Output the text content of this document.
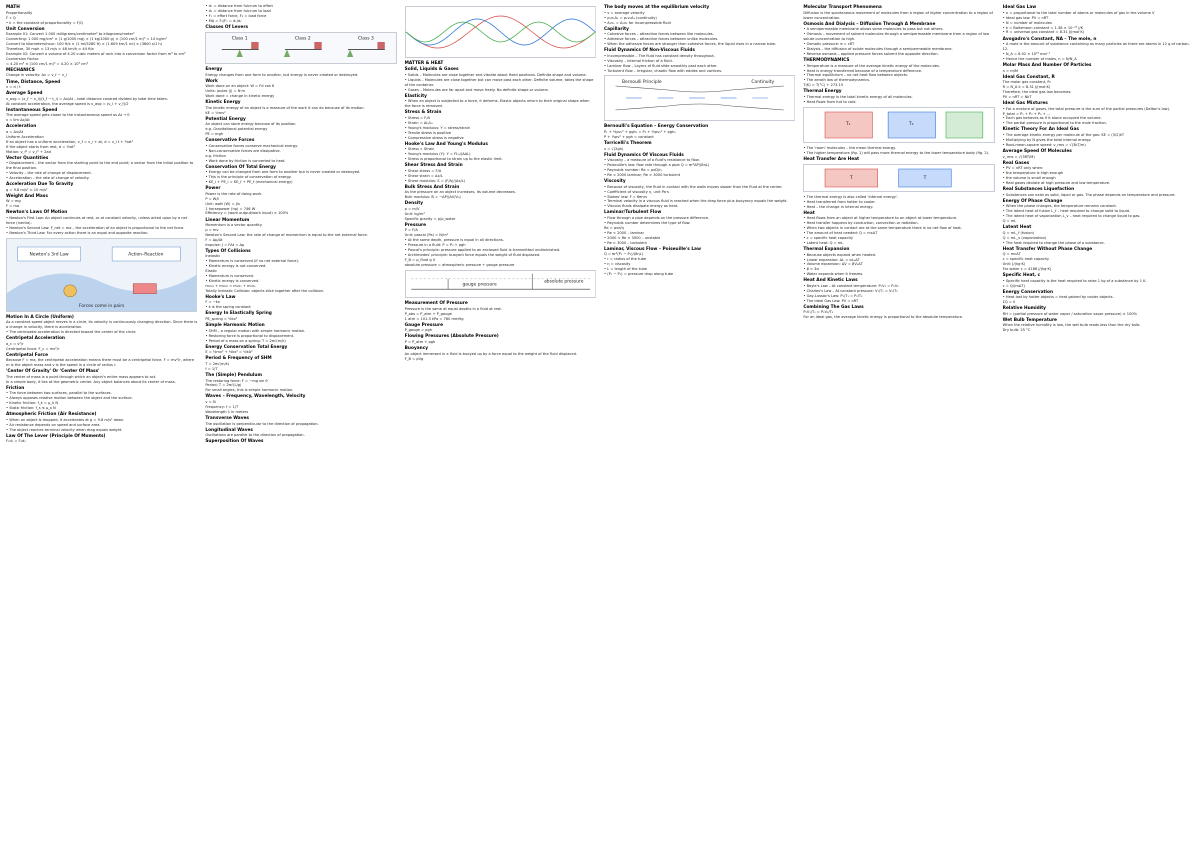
MATH

Proportionality
F ∝ Q
• k = the constant of proportionality = F/Q

Unit Conversion

Example 01: Convert 1 000 milligrams/centimeter² to kilograms/meter²
Converting: 1 000 mg/cm² × (1 g/1000 mg) × (1 kg/1000 g) × (100 cm/1 m)² = 10 kg/m²
Convert to kilometers/hour: 100 ft/s × (1 mi/5280 ft) × (1.609 km/1 mi) × (3600 s/1 h)
Therefore, 30 mph ≈ 13 m/s ≈ 48 km/h ≈ 44 ft/s
Example 02: Convert a volume of 4.20 cubic meters of rock into a conversion factor from m³ to cm³ Conversion Factor.
= 4.20 m³ × (100 cm/1 m)³ = 4.20 × 10⁶ cm³

MECHANICS

Change in velocity: Δv = v_f − v_i

Time, Distance, Speed

v = d / t

Average Speed

v_avg = (x_f − x_i)/(t_f − t_i) = Δx/Δt – total distance covered divided by total time taken.
At constant acceleration, the average speed is v_avg = (v_i + v_f)/2

Instantaneous Speed

The average speed gets closer to the instantaneous speed as Δt → 0
v = lim Δx/Δt

Acceleration

a = Δv/Δt
Uniform Acceleration
If an object has a uniform acceleration, v_f = v_i + at, d = v_i t + ½at²
If the object starts from rest, d = ½at²
Motion: v_f² = v_i² + 2ad

Vector Quantities

• Displacement – the vector from the starting point to the end point; a vector from the initial position to the final position.
• Velocity – the rate of change of displacement.
• Acceleration – the rate of change of velocity.

Acceleration Due To Gravity

g = 9.8 m/s² ≈ 10 m/s²

Weight And Mass

W = mg
F = ma

Newton's Laws Of Motion

• Newton's First Law: An object continues at rest, or at constant velocity, unless acted upon by a net force (inertia).
• Newton's Second Law: F_net = ma – the acceleration of an object is proportional to the net force.
• Newton's Third Law: For every action there is an equal and opposite reaction.

Newton's 3rd Law	Action–Reaction
Forces come in pairs
Motion In A Circle (Uniform)

As a constant speed object moves in a circle, its velocity is continuously changing direction. Since there is a change in velocity, there is acceleration.
• The centripetal acceleration is directed toward the center of the circle.

Centripetal Acceleration

a_c = v²/r
Centripetal force: F_c = mv²/r

Centripetal Force

Because F = ma, the centripetal acceleration means there must be a centripetal force. F = mv²/r, where m is the object mass and v is the speed in a circle of radius r.

'Center Of Gravity' Or 'Center Of Mass'

The center of mass is a point through which an object's entire mass appears to act.
In a simple body, it lies at the geometric center. Any object balances about its center of mass.

Friction

• The force between two surfaces, parallel to the surfaces.
• Always opposes relative motion between the object and the surface.
• Kinetic friction: f_k = μ_k N
• Static friction: f_s ≤ μ_s N

Atmospheric Friction (Air Resistance)

• When an object is dropped, it accelerates at g = 9.8 m/s² down.
• Air resistance depends on speed and surface area.
• The object reaches terminal velocity when drag equals weight.

Law Of The Lever (Principle Of Moments)

F₁d₁ = F₂d₂

• d₁ = distance from fulcrum to effort
• d₂ = distance from fulcrum to load
• F₁ = effort force, F₂ = load force
• MA = F₂/F₁ = d₁/d₂

Classes Of Levers
Class 1	Class 2	Class 3
Energy

Energy changes from one form to another, but energy is never created or destroyed.

Work

Work done on an object: W = Fd cos θ
Units: joules (J) = N·m
Work done = change in kinetic energy

Kinetic Energy

The kinetic energy of an object is a measure of the work it can do because of its motion.
KE = ½mv²

Potential Energy

An object can store energy because of its position.
e.g. Gravitational potential energy
PE = mgh

Conservative Forces

• Conservative forces conserve mechanical energy.
• Non-conservative forces are dissipative.
e.g. friction
• Work done by friction is converted to heat.

Conservation Of Total Energy

• Energy can be changed from one form to another but is never created or destroyed.
• This is the principle of conservation of energy.
• KE_i + PE_i = KE_f + PE_f (mechanical energy)

Power

Power is the rate of doing work.
P = W/t
Unit: watt (W) = J/s
1 horsepower (hp) = 746 W
Efficiency = (work output/work input) × 100%

Linear Momentum

Momentum is a vector quantity.
p = mv
Newton's Second Law: the rate of change of momentum is equal to the net external force.
F = Δp/Δt
Impulse: J = FΔt = Δp

Types Of Collisions

Inelastic
• Momentum is conserved (if no net external force).
• Kinetic energy is not conserved.
Elastic
• Momentum is conserved.
• Kinetic energy is conserved.
m₁u₁ + m₂u₂ = m₁v₁ + m₂v₂
Totally Inelastic Collision: objects stick together after the collision.

Hooke's Law

F = −kx
• k is the spring constant

Energy In Elastically Spring

PE_spring = ½kx²

Simple Harmonic Motion

• SHM – a regular motion with simple harmonic motion.
• Restoring force is proportional to displacement.
• Period of a mass on a spring: T = 2π√(m/k)

Energy Conservation Total Energy

E = ½mv² + ½kx² = ½kA²

Period & Frequency of SHM

T = 2π√(m/k)
f = 1/T

The (Simple) Pendulum

The restoring force: F = −mg sin θ
Period: T = 2π√(L/g)
For small angles, this is simple harmonic motion.

Waves – Frequency, Wavelength, Velocity

v = fλ
Frequency: f = 1/T
Wavelength λ in meters

Transverse Waves

The oscillation is perpendicular to the direction of propagation.

Longitudinal Waves

Oscillations are parallel to the direction of propagation.

Superposition Of Waves
MATTER & HEAT
Solid, Liquids & Gases

• Solids – Molecules are close together and vibrate about fixed positions. Definite shape and volume.
• Liquids – Molecules are close together but can move past each other. Definite volume, takes the shape of the container.
• Gases – Molecules are far apart and move freely. No definite shape or volume.

Elasticity

• When an object is subjected to a force, it deforms. Elastic objects return to their original shape when the force is removed.

Stress & Strain

• Stress = F/A
• Strain = ΔL/L₀
• Young's modulus: Y = stress/strain
• Tensile stress is positive
• Compressive stress is negative

Hooke's Law And Young's Modulus

• Stress ∝ Strain
• Young's modulus (Y): Y = FL₀/(AΔL)
• Stress is proportional to strain up to the elastic limit.

Shear Stress And Strain

• Shear stress = F/A
• Shear strain = Δx/L
• Shear modulus: S = (F/A)/(Δx/L)

Bulk Stress And Strain

As the pressure on an object increases, its volume decreases.
Bulk modulus: B = −ΔP/(ΔV/V₀)

Density

ρ = m/V
Unit: kg/m³
Specific gravity = ρ/ρ_water

Pressure

P = F/A
Unit: pascal (Pa) = N/m²
• At the same depth, pressure is equal in all directions.
• Pressure in a fluid: P = P₀ + ρgh
• Pascal's principle: pressure applied to an enclosed fluid is transmitted undiminished.
• Archimedes' principle: buoyant force equals the weight of fluid displaced.
F_B = ρ_fluid g V

absolute pressure = atmospheric pressure + gauge pressure

gauge pressure
absolute pressure
Measurement Of Pressure

Pressure is the same at equal depths in a fluid at rest.
P_abs = P_atm + P_gauge
1 atm = 101.3 kPa = 760 mmHg

Gauge Pressure

P_gauge = ρgh

Flowing Pressures (Absolute Pressure)

P = P_atm + ρgh

Buoyancy

An object immersed in a fluid is buoyed up by a force equal to the weight of the fluid displaced.
F_B = ρVg

The body moves at the equilibrium velocity

• v = average velocity
• ρ₁v₁A₁ = ρ₂v₂A₂ (continuity)
• A₁v₁ = A₂v₂ for incompressible fluid

Capillarity

• Cohesive forces – attractive forces between like molecules.
• Adhesive forces – attractive forces between unlike molecules.
• When the adhesive forces are stronger than cohesive forces, the liquid rises in a narrow tube.

Fluid Dynamics Of Non-Viscous Fluids

• Incompressible – The fluid has constant density throughout.
• Viscosity – internal friction of a fluid.
• Laminar flow – Layers of fluid slide smoothly past each other.
• Turbulent flow – Irregular, chaotic flow with eddies and vortices.

Bernoulli Principle	Continuity
Bernoulli's Equation – Energy Conservation

P₁ + ½ρv₁² + ρgh₁ = P₂ + ½ρv₂² + ρgh₂
P + ½ρv² + ρgh = constant

Torricelli's Theorem

v = √(2gh)

Fluid Dynamics Of Viscous Fluids

• Viscosity – a measure of a fluid's resistance to flow.
• Poiseuille's law: flow rate through a pipe Q = πr⁴ΔP/(8ηL)
• Reynolds number: Re = ρvD/η
• Re < 2000 laminar; Re > 3000 turbulent

Viscosity

• Because of viscosity, the fluid in contact with the walls moves slower than the fluid at the center.
• Coefficient of viscosity η, unit Pa·s
• Stokes' law: F = 6πηrv
• Terminal velocity in a viscous fluid is reached when the drag force plus buoyancy equals the weight.
• Viscous fluids dissipate energy as heat.

Laminar/Turbulent Flow

• Flow through a pipe depends on the pressure difference.
• Reynolds number determines the type of flow.
Re = ρvd/η
• Re < 2000 – laminar
• 2000 < Re < 3000 – unstable
• Re > 3000 – turbulent

Laminar, Viscous Flow – Poiseuille's Law

Q = πr⁴(P₁ − P₂)/(8ηL)
• r = radius of the tube
• η = viscosity
• L = length of the tube
• (P₁ − P₂) = pressure drop along tube

Molecular Transport Phenomena

Diffusion is the spontaneous movement of molecules from a region of higher concentration to a region of lower concentration.

Osmosis And Dialysis – Diffusion Through A Membrane

• A semipermeable membrane allows some molecules to pass but not others.
• Osmosis – movement of solvent molecules through a semipermeable membrane from a region of low solute concentration to high.
• Osmotic pressure: π = cRT
• Dialysis – the diffusion of solute molecules through a semipermeable membrane.
• Reverse osmosis – applied pressure forces solvent the opposite direction.

THERMODYNAMICS

• Temperature is a measure of the average kinetic energy of the molecules.
• Heat is energy transferred because of a temperature difference.
• Thermal equilibrium – no net heat flow between objects.
• The zeroth law of thermodynamics.
T(K) = T(°C) + 273.15

Thermal Energy

• Thermal energy is the total kinetic energy of all molecules.
• Heat flows from hot to cold.

T₁	T₂

• The 'room' molecules – the mean thermal energy.
• The higher temperature (fig. 1) will pass more thermal energy to the lower temperature body (fig. 2).

Heat Transfer Are Heat
T	T

• The thermal energy is also called 'internal energy'.
• Heat transferred from hotter to cooler.
• Heat – the change in internal energy.

Heat

• Heat flows from an object at higher temperature to an object at lower temperature.
• Heat transfer happens by conduction, convection or radiation.
• When two objects in contact are at the same temperature there is no net flow of heat.
• The amount of heat needed: Q = mcΔT
• c = specific heat capacity
• Latent heat: Q = mL

Thermal Expansion

• Because objects expand when heated.
• Linear expansion: ΔL = αL₀ΔT
• Volume expansion: ΔV = βV₀ΔT
• β ≈ 3α
• Water expands when it freezes.

Heat And Kinetic Laws

• Boyle's Law – At constant temperature: P₁V₁ = P₂V₂
• Charles's Law – At constant pressure: V₁/T₁ = V₂/T₂
• Gay-Lussac's Law: P₁/T₁ = P₂/T₂
• The Ideal Gas Law: PV = nRT

Combining The Gas Laws

P₁V₁/T₁ = P₂V₂/T₂
For an ideal gas, the average kinetic energy is proportional to the absolute temperature.

Ideal Gas Law

• n = proportional to the total number of atoms or molecules of gas in the volume V
• Ideal gas law: PV = nRT
• N = number of molecules
• k = Boltzmann constant = 1.38 × 10⁻²³ J/K
• R = universal gas constant = 8.31 J/(mol·K)

Avogadro's Constant, NA – The mole, n

• A mole is the amount of substance containing as many particles as there are atoms in 12 g of carbon-12.
• N_A = 6.02 × 10²³ mol⁻¹
• Hence the number of moles, n = N/N_A

Molar Mass And Number Of Particles

n = m/M

Ideal Gas Constant, R

The molar gas constant, R:
R = N_A k = 8.31 J/(mol·K)
Therefore, the ideal gas law becomes:
PV = nRT = NkT

Ideal Gas Mixtures

• For a mixture of gases, the total pressure is the sum of the partial pressures (Dalton's law).
P_total = P₁ + P₂ + P₃ + …
• Each gas behaves as if it alone occupied the volume.
• The partial pressure is proportional to the mole fraction.

Kinetic Theory For An Ideal Gas

• The average kinetic energy per molecule of the gas: KE = (3/2)kT
• Multiplying by N gives the total internal energy.
• Root-mean-square speed: v_rms = √(3kT/m)

Average Speed Of Molecules

v_rms = √(3RT/M)

Real Gases

• PV = nRT only when:
• the temperature is high enough
• the volume is small enough
• Real gases deviate at high pressure and low temperature.

Real Substances Liquefaction

• Substances can exist as solid, liquid or gas. The phase depends on temperature and pressure.

Energy Of Phase Change

• When the phase changes, the temperature remains constant.
• The latent heat of fusion L_f – heat required to change solid to liquid.
• The latent heat of vaporization L_v – heat required to change liquid to gas.
Q = mL

Latent Heat

Q = mL_f (fusion)
Q = mL_v (vaporization)
• The heat required to change the phase of a substance.

Heat Transfer Without Phase Change

Q = mcΔT
c = specific heat capacity
Unit: J/(kg·K)
For water c = 4186 J/(kg·K)

Specific Heat, c

• Specific heat capacity is the heat required to raise 1 kg of a substance by 1 K.
c = Q/(mΔT)

Energy Conservation

• Heat lost by hotter objects = heat gained by cooler objects.
ΣQ = 0

Relative Humidity

RH = (partial pressure of water vapor / saturation vapor pressure) × 100%

Wet Bulb Temperature

When the relative humidity is low, the wet bulb reads less than the dry bulb.
Dry bulb: 25 °C
